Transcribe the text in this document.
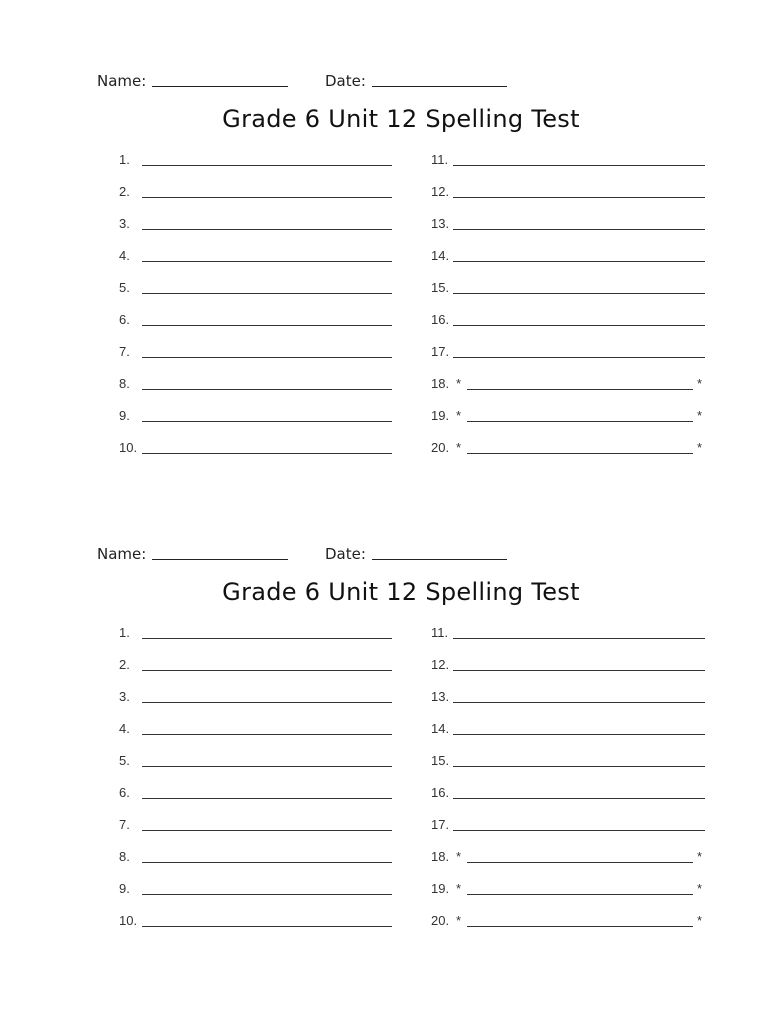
Name:	Date:
Grade 6 Unit 12 Spelling Test
1.
2.
3.
4.
5.
6.
7.
8.
9.
10.
11.
12.
13.
14.
15.
16.
17.
18. *	*
19. *	*
20. *	*
Name:	Date:
Grade 6 Unit 12 Spelling Test
1.
2.
3.
4.
5.
6.
7.
8.
9.
10.
11.
12.
13.
14.
15.
16.
17.
18. *	*
19. *	*
20. *	*
